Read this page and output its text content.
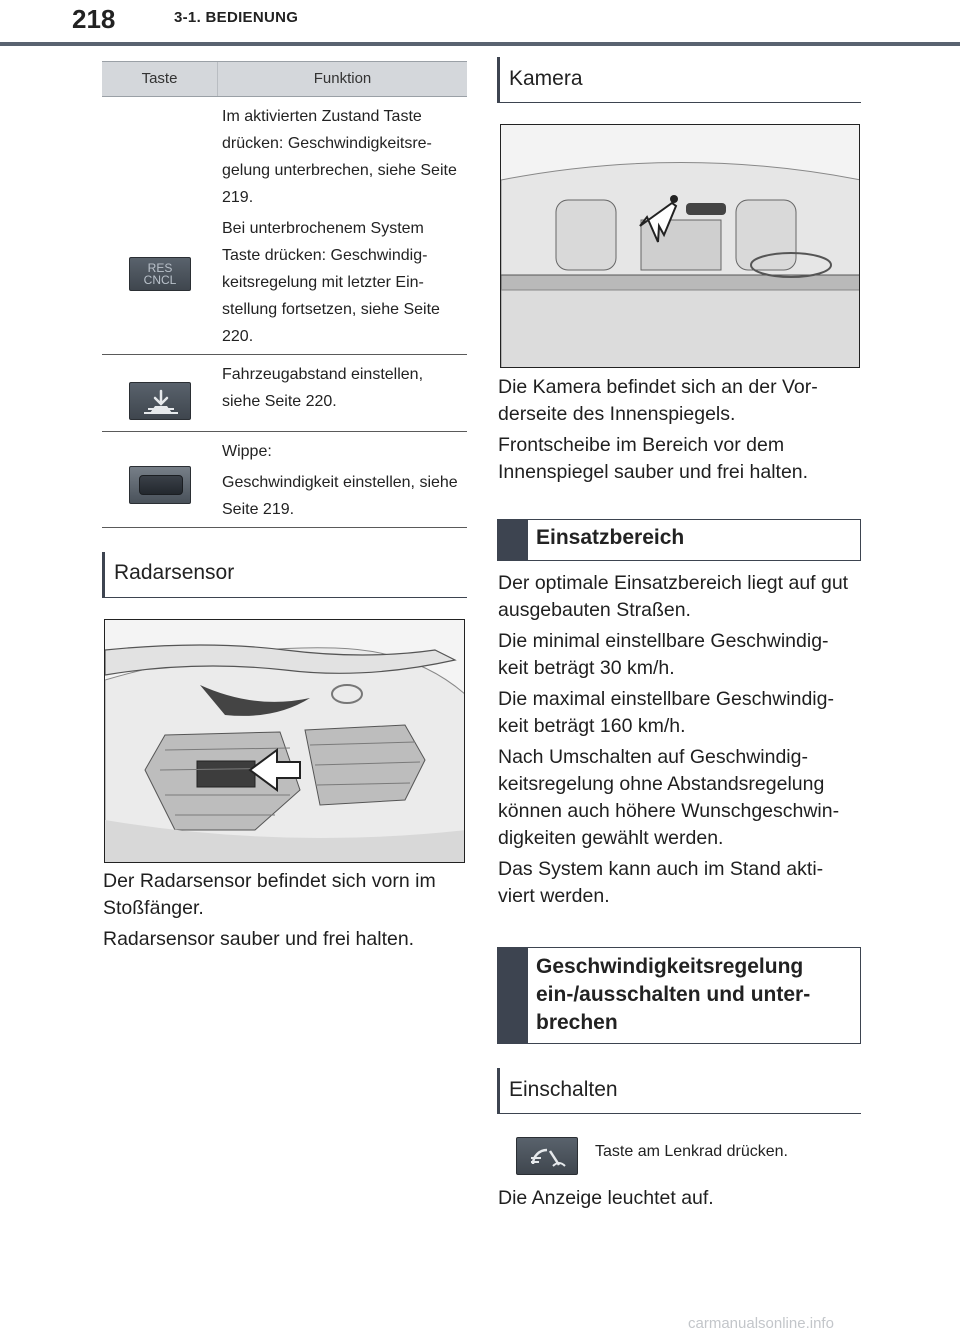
218	3-1. BEDIENUNG
Taste	Funktion
RES
CNCL

Im aktivierten Zustand Taste drücken: Geschwindigkeitsre- gelung unterbrechen, siehe Seite 219.

Bei unterbrochenem System Taste drücken: Geschwindig- keitsregelung mit letzter Ein- stellung fortsetzen, siehe Seite 220.

Fahrzeugabstand einstellen, siehe Seite 220.

Wippe:

Geschwindigkeit einstellen, siehe Seite 219.

Radarsensor

Der Radarsensor befindet sich vorn im Stoßfänger.

Radarsensor sauber und frei halten.

Kamera

Die Kamera befindet sich an der Vor- derseite des Innenspiegels.

Frontscheibe im Bereich vor dem Innenspiegel sauber und frei halten.

Einsatzbereich

Der optimale Einsatzbereich liegt auf gut ausgebauten Straßen.

Die minimal einstellbare Geschwindig- keit beträgt 30 km/h.

Die maximal einstellbare Geschwindig- keit beträgt 160 km/h.

Nach Umschalten auf Geschwindig- keitsregelung ohne Abstandsregelung können auch höhere Wunschgeschwin- digkeiten gewählt werden.

Das System kann auch im Stand akti- viert werden.

Geschwindigkeitsregelung ein-/ausschalten und unter- brechen
Einschalten
Taste am Lenkrad drücken.
Die Anzeige leuchtet auf.
carmanualsonline.info
